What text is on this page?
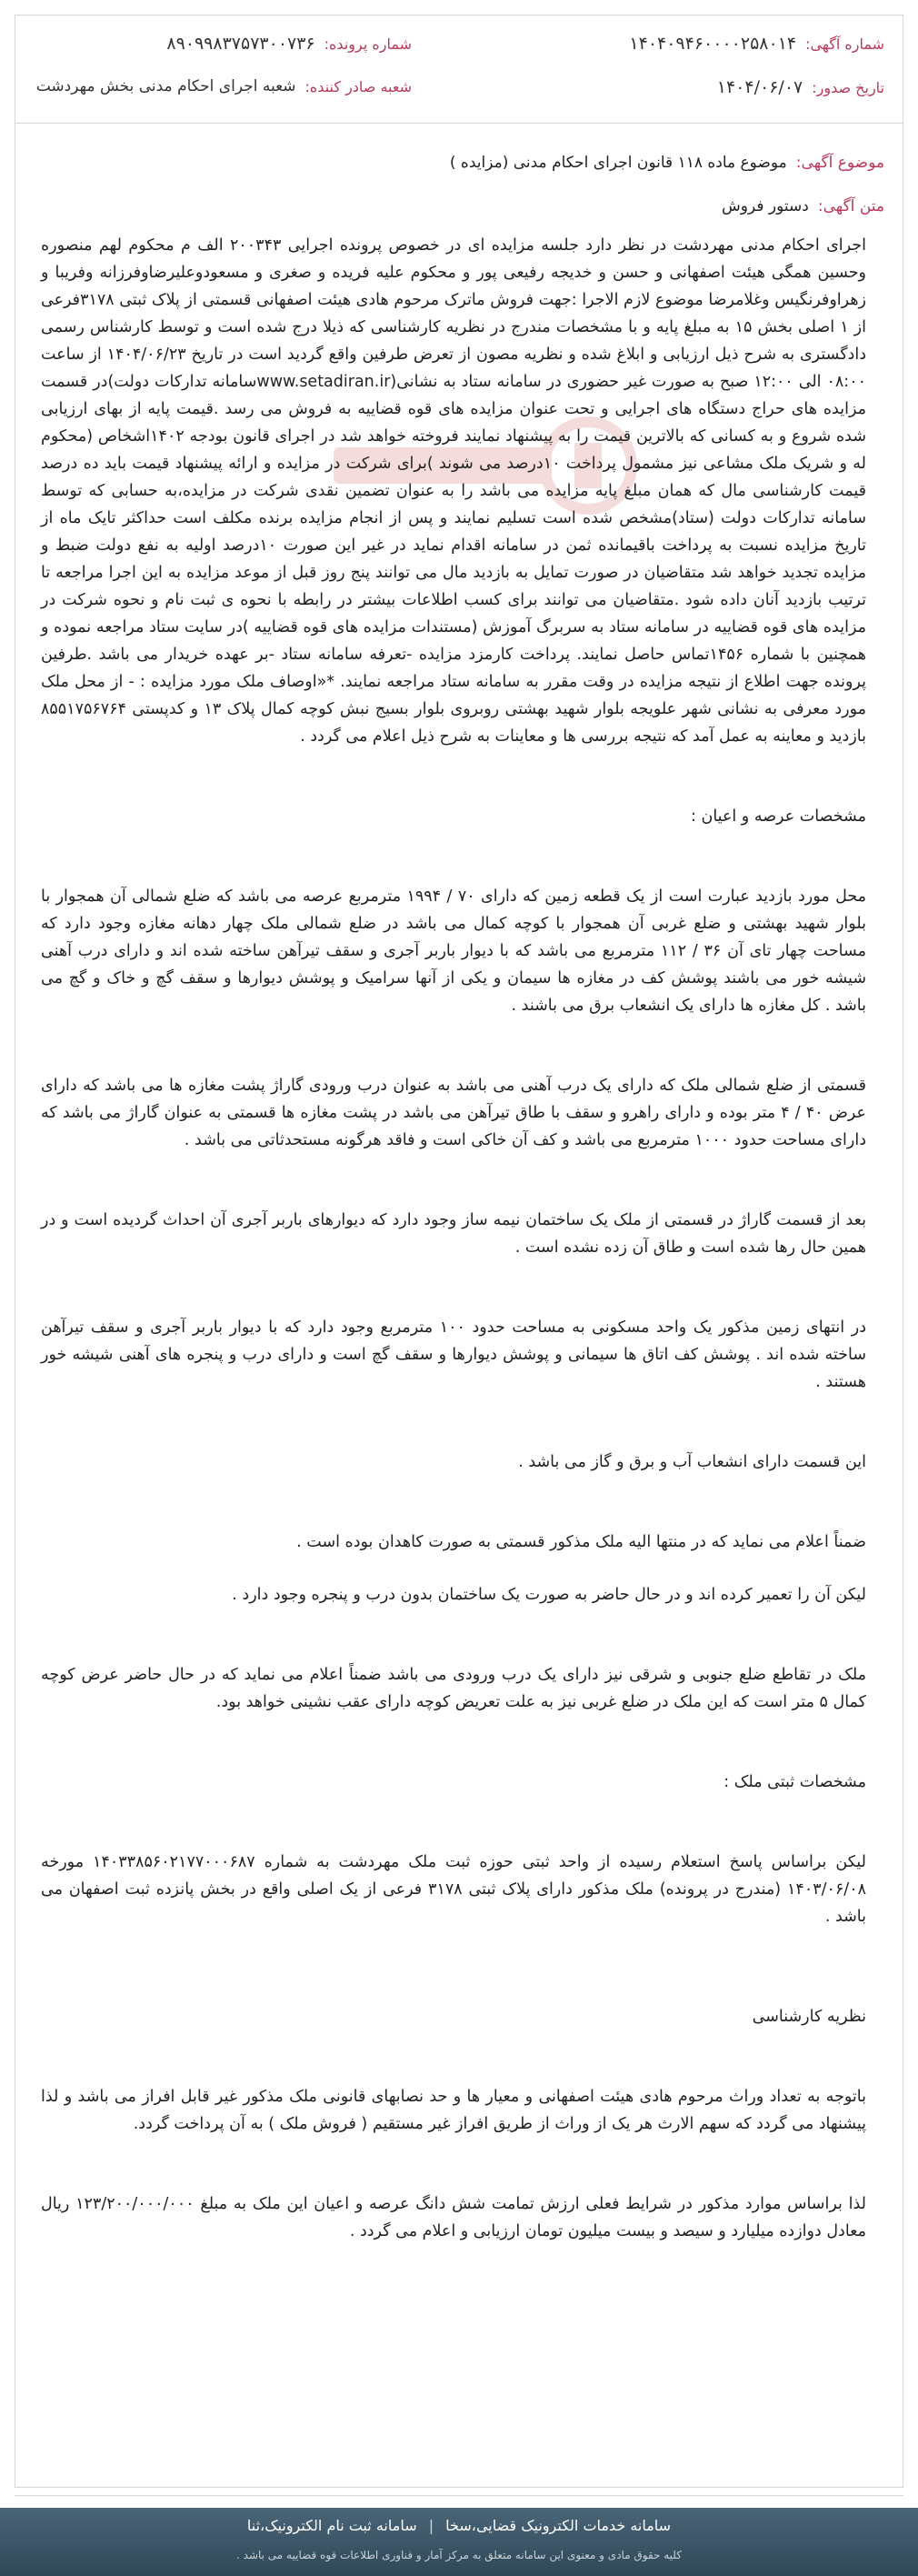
شماره آگهی:
۱۴۰۴۰۹۴۶۰۰۰۰۲۵۸۰۱۴
شماره پرونده:
۸۹۰۹۹۸۳۷۵۷۳۰۰۷۳۶
تاریخ صدور:
۱۴۰۴/۰۶/۰۷
شعبه صادر کننده:
شعبه اجرای احکام مدنی بخش مهردشت
موضوع آگهی:
موضوع ماده ۱۱۸ قانون اجرای احکام مدنی (مزایده )
متن آگهی:
دستور فروش

اجرای احکام مدنی مهردشت در نظر دارد جلسه مزایده ای در خصوص پرونده اجرایی ۲۰۰۳۴۳ الف م محکوم لهم منصوره وحسین همگی هیئت اصفهانی و حسن و خدیجه رفیعی پور و محکوم علیه فریده و صغری و مسعودوعلیرضاوفرزانه وفریبا و زهراوفرنگیس وغلامرضا موضوع لازم الاجرا :جهت فروش ماترک مرحوم هادی هیئت اصفهانی قسمتی از پلاک ثبتی ۳۱۷۸فرعی از ۱ اصلی بخش ۱۵ به مبلغ پایه و با مشخصات مندرج در نظریه کارشناسی که ذیلا درج شده است و توسط کارشناس رسمی دادگستری به شرح ذیل ارزیابی و ابلاغ شده و نظریه مصون از تعرض طرفین واقع گردید است در تاریخ ۱۴۰۴/۰۶/۲۳ از ساعت ۰۸:۰۰ الی ۱۲:۰۰ صبح به صورت غیر حضوری در سامانه ستاد به نشانی(www.setadiran.irسامانه تدارکات دولت)در قسمت مزایده های حراج دستگاه های اجرایی و تحت عنوان مزایده های قوه قضاییه به فروش می رسد .قیمت پایه از بهای ارزیابی شده شروع و به کسانی که بالاترین قیمت را به پیشنهاد نمایند فروخته خواهد شد در اجرای قانون بودجه ۱۴۰۲اشخاص (محکوم له و شریک ملک مشاعی نیز مشمول پرداخت ۱۰درصد می شوند )برای شرکت در مزایده و ارائه پیشنهاد قیمت باید ده درصد قیمت کارشناسی مال که همان مبلغ پایه مزایده می باشد را به عنوان تضمین نقدی شرکت در مزایده،به حسابی که توسط سامانه تدارکات دولت (ستاد)مشخص شده است تسلیم نمایند و پس از انجام مزایده برنده مکلف است حداکثر تایک ماه از تاریخ مزایده نسبت به پرداخت باقیمانده ثمن در سامانه اقدام نماید در غیر این صورت ۱۰درصد اولیه به نفع دولت ضبط و مزایده تجدید خواهد شد متقاضیان در صورت تمایل به بازدید مال می توانند پنج روز قبل از موعد مزایده به این اجرا مراجعه تا ترتیب بازدید آنان داده شود .متقاضیان می توانند برای کسب اطلاعات بیشتر در رابطه با نحوه ی ثبت نام و نحوه شرکت در مزایده های قوه قضاییه در سامانه ستاد به سربرگ آموزش (مستندات مزایده های قوه قضاییه )در سایت ستاد مراجعه نموده و همچنین با شماره ۱۴۵۶تماس حاصل نمایند. پرداخت کارمزد مزایده -تعرفه سامانه ستاد -بر عهده خریدار می باشد .طرفین پرونده جهت اطلاع از نتیجه مزایده در وقت مقرر به سامانه ستاد مراجعه نمایند. *«اوصاف ملک مورد مزایده : - از محل ملک مورد معرفی به نشانی شهر علویجه بلوار شهید بهشتی روبروی بلوار بسیج نبش کوچه کمال پلاک ۱۳ و کدپستی ۸۵۵۱۷۵۶۷۶۴ بازدید و معاینه به عمل آمد که نتیجه بررسی ها و معاینات به شرح ذیل اعلام می گردد .

مشخصات عرصه و اعیان :

محل مورد بازدید عبارت است از یک قطعه زمین که دارای ۷۰ / ۱۹۹۴ مترمربع عرصه می باشد که ضلع شمالی آن همجوار با بلوار شهید بهشتی و ضلع غربی آن همجوار با کوچه کمال می باشد در ضلع شمالی ملک چهار دهانه مغازه وجود دارد که مساحت چهار تای آن ۳۶ / ۱۱۲ مترمربع می باشد که با دیوار باربر آجری و سقف تیرآهن ساخته شده اند و دارای درب آهنی شیشه خور می باشند پوشش کف در مغازه ها سیمان و یکی از آنها سرامیک و پوشش دیوارها و سقف گچ و خاک و گچ می باشد . کل مغازه ها دارای یک انشعاب برق می باشند .

قسمتی از ضلع شمالی ملک که دارای یک درب آهنی می باشد به عنوان درب ورودی گاراژ پشت مغازه ها می باشد که دارای عرض ۴۰ / ۴ متر بوده و دارای راهرو و سقف با طاق تیرآهن می باشد در پشت مغازه ها قسمتی به عنوان گاراژ می باشد که دارای مساحت حدود ۱۰۰۰ مترمربع می باشد و کف آن خاکی است و فاقد هرگونه مستحدثاتی می باشد .

بعد از قسمت گاراژ در قسمتی از ملک یک ساختمان نیمه ساز وجود دارد که دیوارهای باربر آجری آن احداث گردیده است و در همین حال رها شده است و طاق آن زده نشده است .

در انتهای زمین مذکور یک واحد مسکونی به مساحت حدود ۱۰۰ مترمربع وجود دارد که با دیوار باربر آجری و سقف تیرآهن ساخته شده اند . پوشش کف اتاق ها سیمانی و پوشش دیوارها و سقف گچ است و دارای درب و پنجره های آهنی شیشه خور هستند .

این قسمت دارای انشعاب آب و برق و گاز می باشد .

ضمناً اعلام می نماید که در منتها الیه ملک مذکور قسمتی به صورت کاهدان بوده است .

لیکن آن را تعمیر کرده اند و در حال حاضر به صورت یک ساختمان بدون درب و پنجره وجود دارد .

ملک در تقاطع ضلع جنوبی و شرقی نیز دارای یک درب ورودی می باشد ضمناً اعلام می نماید که در حال حاضر عرض کوچه کمال ۵ متر است که این ملک در ضلع غربی نیز به علت تعریض کوچه دارای عقب نشینی خواهد بود.

مشخصات ثبتی ملک :

لیکن براساس پاسخ استعلام رسیده از واحد ثبتی حوزه ثبت ملک مهردشت به شماره ۱۴۰۳۳۸۵۶۰۲۱۷۷۰۰۰۶۸۷ مورخه ۱۴۰۳/۰۶/۰۸ (مندرج در پرونده) ملک مذکور دارای پلاک ثبتی ۳۱۷۸ فرعی از یک اصلی واقع در بخش پانزده ثبت اصفهان می باشد .

نظریه کارشناسی

باتوجه به تعداد وراث مرحوم هادی هیئت اصفهانی و معیار ها و حد نصابهای قانونی ملک مذکور غیر قابل افراز می باشد و لذا پیشنهاد می گردد که سهم الارث هر یک از وراث از طریق افراز غیر مستقیم ( فروش ملک ) به آن پرداخت گردد.

لذا براساس موارد مذکور در شرایط فعلی ارزش تمامت شش دانگ عرصه و اعیان این ملک به مبلغ ۱۲۳/۲۰۰/۰۰۰/۰۰۰ ریال معادل دوازده میلیارد و سیصد و بیست میلیون تومان ارزیابی و اعلام می گردد .

سامانه خدمات الکترونیک قضایی،سخا | سامانه ثبت نام الکترونیک،ثنا
کلیه حقوق مادی و معنوی این سامانه متعلق به مرکز آمار و فناوری اطلاعات قوه قضاییه می باشد .
